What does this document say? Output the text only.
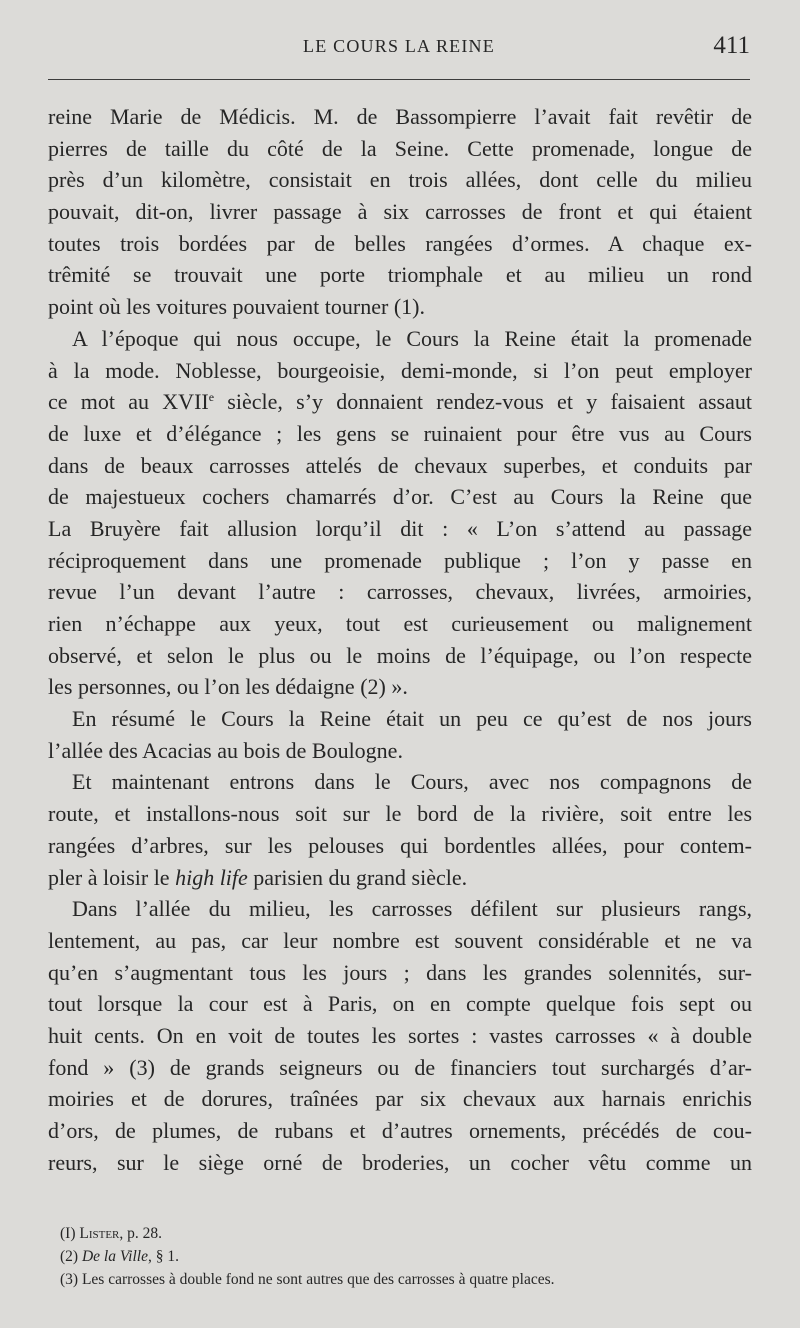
LE COURS LA REINE	411
reine Marie de Médicis. M. de Bassompierre l’avait fait revêtir de
pierres de taille du côté de la Seine. Cette promenade, longue de
près d’un kilomètre, consistait en trois allées, dont celle du milieu
pouvait, dit-on, livrer passage à six carrosses de front et qui étaient
toutes trois bordées par de belles rangées d’ormes. A chaque ex-
trêmité se trouvait une porte triomphale et au milieu un rond
point où les voitures pouvaient tourner (1).
A l’époque qui nous occupe, le Cours la Reine était la promenade
à la mode. Noblesse, bourgeoisie, demi-monde, si l’on peut employer
ce mot au XVIIe siècle, s’y donnaient rendez-vous et y faisaient assaut
de luxe et d’élégance ; les gens se ruinaient pour être vus au Cours
dans de beaux carrosses attelés de chevaux superbes, et conduits par
de majestueux cochers chamarrés d’or. C’est au Cours la Reine que
La Bruyère fait allusion lorqu’il dit : « L’on s’attend au passage
réciproquement dans une promenade publique ; l’on y passe en
revue l’un devant l’autre : carrosses, chevaux, livrées, armoiries,
rien n’échappe aux yeux, tout est curieusement ou malignement
observé, et selon le plus ou le moins de l’équipage, ou l’on respecte
les personnes, ou l’on les dédaigne (2) ».
En résumé le Cours la Reine était un peu ce qu’est de nos jours
l’allée des Acacias au bois de Boulogne.
Et maintenant entrons dans le Cours, avec nos compagnons de
route, et installons-nous soit sur le bord de la rivière, soit entre les
rangées d’arbres, sur les pelouses qui bordentles allées, pour contem-
pler à loisir le high life parisien du grand siècle.
Dans l’allée du milieu, les carrosses défilent sur plusieurs rangs,
lentement, au pas, car leur nombre est souvent considérable et ne va
qu’en s’augmentant tous les jours ; dans les grandes solennités, sur-
tout lorsque la cour est à Paris, on en compte quelque fois sept ou
huit cents. On en voit de toutes les sortes : vastes carrosses « à double
fond » (3) de grands seigneurs ou de financiers tout surchargés d’ar-
moiries et de dorures, traînées par six chevaux aux harnais enrichis
d’ors, de plumes, de rubans et d’autres ornements, précédés de cou-
reurs, sur le siège orné de broderies, un cocher vêtu comme un
(I) Lister, p. 28.
(2) De la Ville, § 1.
(3) Les carrosses à double fond ne sont autres que des carrosses à quatre places.
